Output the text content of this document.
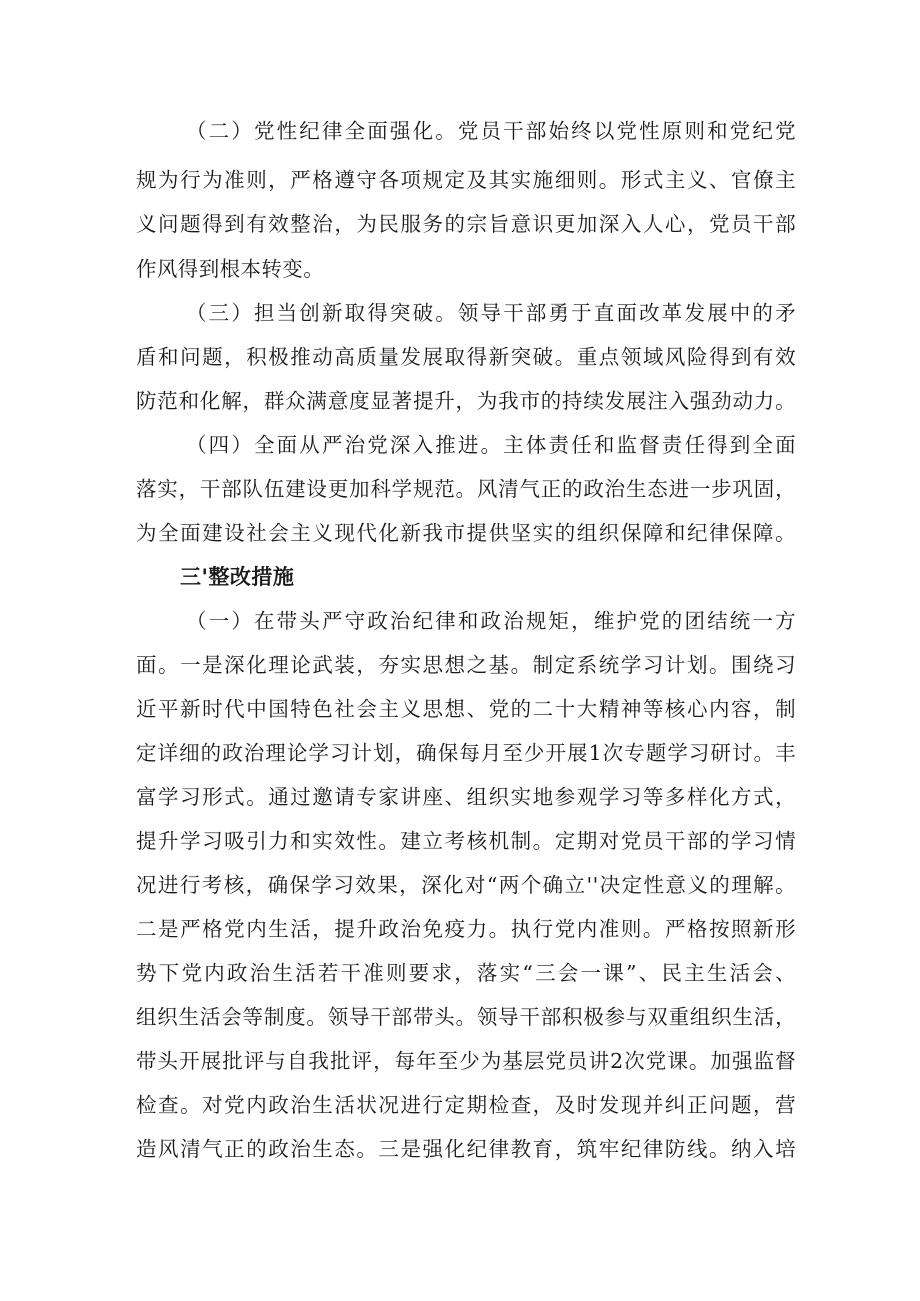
（二）党性纪律全面强化。党员干部始终以党性原则和党纪党
规为行为准则，严格遵守各项规定及其实施细则。形式主义、官僚主
义问题得到有效整治，为民服务的宗旨意识更加深入人心，党员干部
作风得到根本转变。
（三）担当创新取得突破。领导干部勇于直面改革发展中的矛
盾和问题，积极推动高质量发展取得新突破。重点领域风险得到有效
防范和化解，群众满意度显著提升，为我市的持续发展注入强劲动力。
（四）全面从严治党深入推进。主体责任和监督责任得到全面
落实，干部队伍建设更加科学规范。风清气正的政治生态进一步巩固，
为全面建设社会主义现代化新我市提供坚实的组织保障和纪律保障。
三'整改措施
（一）在带头严守政治纪律和政治规矩，维护党的团结统一方
面。一是深化理论武装，夯实思想之基。制定系统学习计划。围绕习
近平新时代中国特色社会主义思想、党的二十大精神等核心内容，制
定详细的政治理论学习计划，确保每月至少开展1次专题学习研讨。丰
富学习形式。通过邀请专家讲座、组织实地参观学习等多样化方式，
提升学习吸引力和实效性。建立考核机制。定期对党员干部的学习情
况进行考核，确保学习效果，深化对“两个确立''决定性意义的理解。
二是严格党内生活，提升政治免疫力。执行党内准则。严格按照新形
势下党内政治生活若干准则要求，落实“三会一课”、民主生活会、
组织生活会等制度。领导干部带头。领导干部积极参与双重组织生活，
带头开展批评与自我批评，每年至少为基层党员讲2次党课。加强监督
检查。对党内政治生活状况进行定期检查，及时发现并纠正问题，营
造风清气正的政治生态。三是强化纪律教育，筑牢纪律防线。纳入培
